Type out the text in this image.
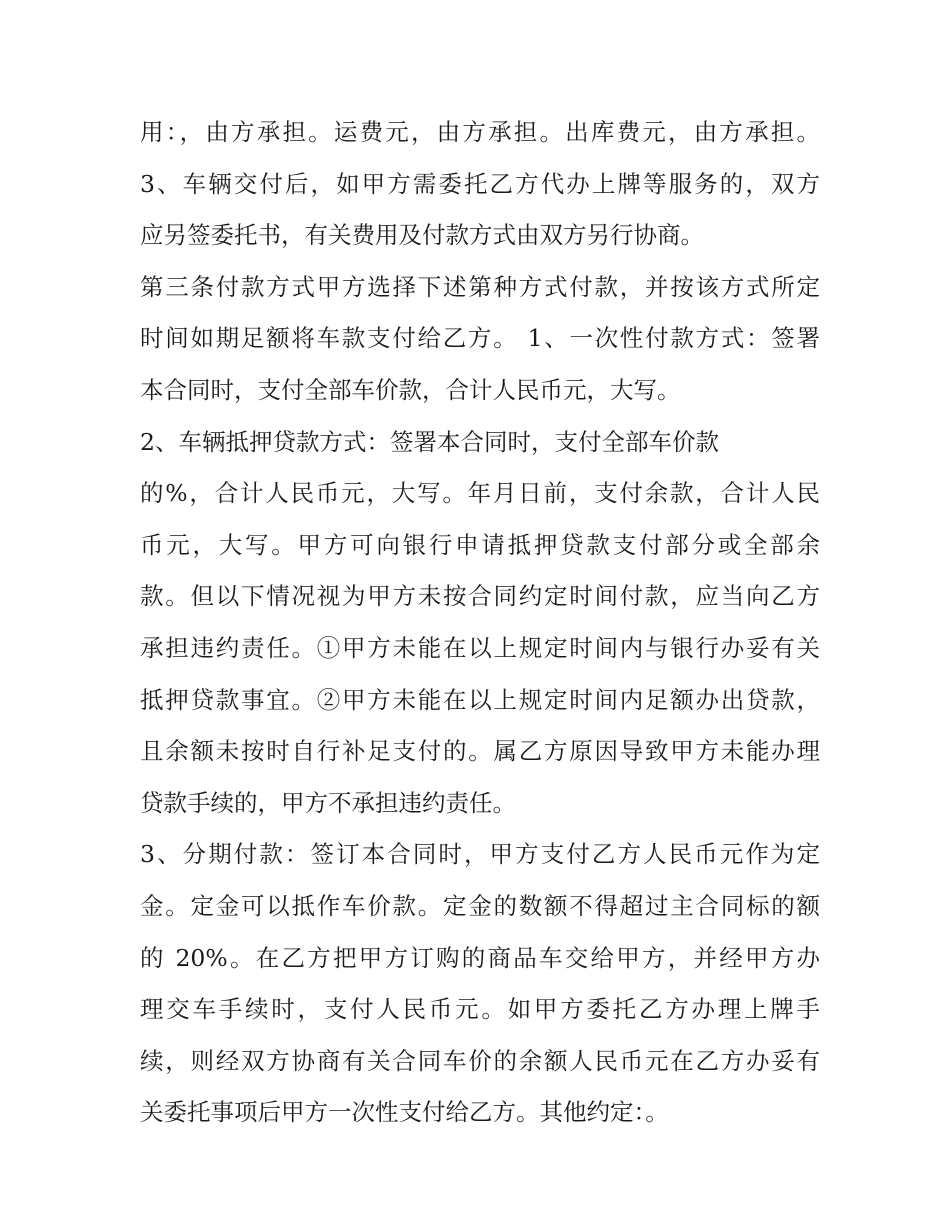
用：，由方承担。运费元，由方承担。出库费元，由方承担。
3、车辆交付后，如甲方需委托乙方代办上牌等服务的，双方
应另签委托书，有关费用及付款方式由双方另行协商。
第三条付款方式甲方选择下述第种方式付款，并按该方式所定
时间如期足额将车款支付给乙方。 1、一次性付款方式：签署
本合同时，支付全部车价款，合计人民币元，大写。
2、车辆抵押贷款方式：签署本合同时，支付全部车价款
的%，合计人民币元，大写。年月日前，支付余款，合计人民
币元，大写。甲方可向银行申请抵押贷款支付部分或全部余
款。但以下情况视为甲方未按合同约定时间付款，应当向乙方
承担违约责任。①甲方未能在以上规定时间内与银行办妥有关
抵押贷款事宜。②甲方未能在以上规定时间内足额办出贷款，
且余额未按时自行补足支付的。属乙方原因导致甲方未能办理
贷款手续的，甲方不承担违约责任。
3、分期付款：签订本合同时，甲方支付乙方人民币元作为定
金。定金可以抵作车价款。定金的数额不得超过主合同标的额
的 20%。在乙方把甲方订购的商品车交给甲方，并经甲方办
理交车手续时，支付人民币元。如甲方委托乙方办理上牌手
续，则经双方协商有关合同车价的余额人民币元在乙方办妥有
关委托事项后甲方一次性支付给乙方。其他约定：。
